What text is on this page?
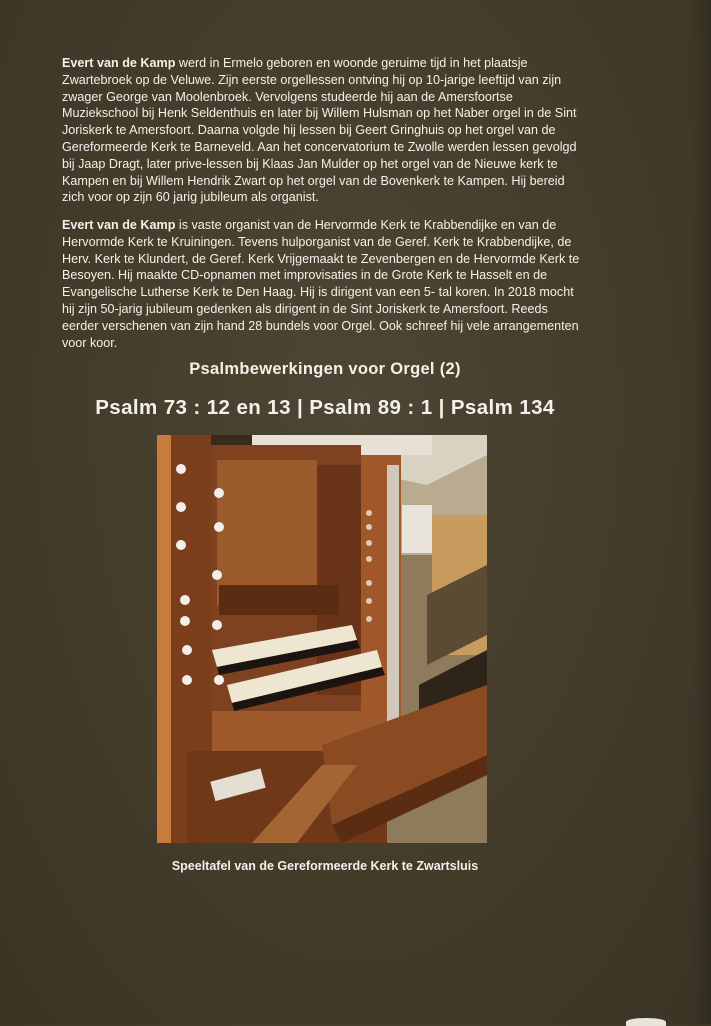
Evert van de Kamp werd in Ermelo geboren en woonde geruime tijd in het plaatsje Zwartebroek op de Veluwe. Zijn eerste orgellessen ontving hij op 10-jarige leeftijd van zijn zwager George van Moolenbroek. Vervolgens studeerde hij aan de Amersfoortse Muziekschool bij Henk Seldenthuis en later bij Willem Hulsman op het Naber orgel in de Sint Joriskerk te Amersfoort. Daarna volgde hij lessen bij Geert Gringhuis op het orgel van de Gereformeerde Kerk te Barneveld. Aan het concervatorium te Zwolle werden lessen gevolgd bij Jaap Dragt, later prive-lessen bij Klaas Jan Mulder op het orgel van de Nieuwe kerk te Kampen en bij Willem Hendrik Zwart op het orgel van de Bovenkerk te Kampen. Hij bereid zich voor op zijn 60 jarig jubileum als organist.

Evert van de Kamp is vaste organist van de Hervormde Kerk te Krabbendijke en van de Hervormde Kerk te Kruiningen. Tevens hulporganist van de Geref. Kerk te Krabbendijke, de Herv. Kerk te Klundert, de Geref. Kerk Vrijgemaakt te Zevenbergen en de Hervormde Kerk te Besoyen. Hij maakte CD-opnamen met improvisaties in de Grote Kerk te Hasselt en de Evangelische Lutherse Kerk te Den Haag. Hij is dirigent van een 5- tal koren. In 2018 mocht hij zijn 50-jarig jubileum gedenken als dirigent in de Sint Joriskerk te Amersfoort. Reeds eerder verschenen van zijn hand 28 bundels voor Orgel. Ook schreef hij vele arrangementen voor koor.

Psalmbewerkingen voor Orgel (2)
Psalm 73 : 12 en 13 | Psalm 89 : 1 | Psalm 134
Speeltafel van de Gereformeerde Kerk te Zwartsluis
